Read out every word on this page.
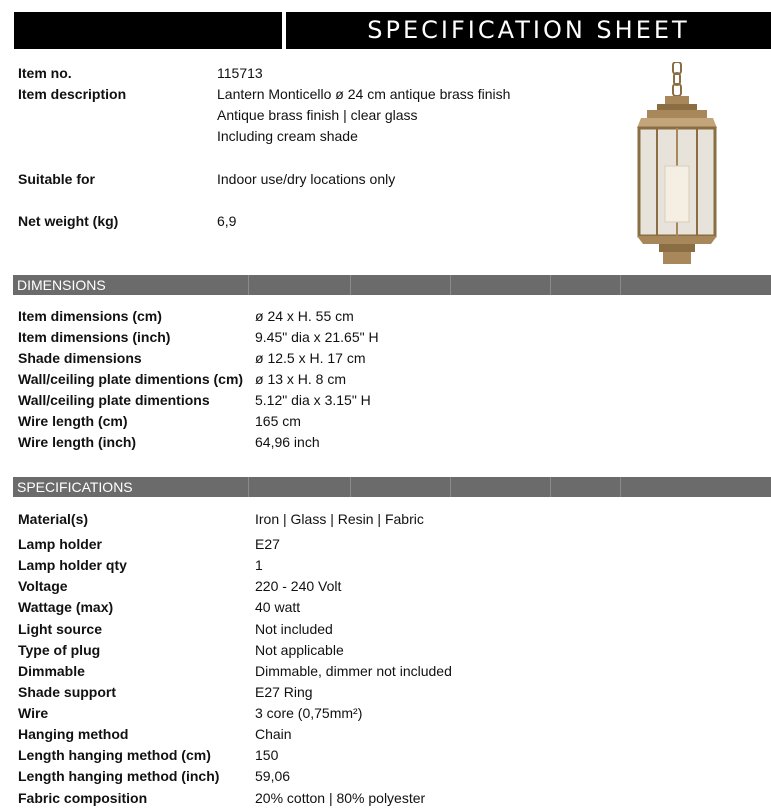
SPECIFICATION SHEET
Item no.	115713
Item description	Lantern Monticello ø 24 cm antique brass finish
Antique brass finish | clear glass
Including cream shade
Suitable for	Indoor use/dry locations only
Net weight (kg)	6,9
DIMENSIONS
Item dimensions (cm)	ø 24 x H. 55 cm
Item dimensions (inch)	9.45" dia x 21.65" H
Shade dimensions	ø 12.5 x H. 17 cm
Wall/ceiling plate dimentions (cm) ø 13 x H. 8 cm
Wall/ceiling plate dimentions	5.12" dia x 3.15" H
Wire length (cm)	165 cm
Wire length (inch)	64,96 inch
SPECIFICATIONS
Material(s)	Iron | Glass | Resin | Fabric
Lamp holder	E27
Lamp holder qty	1
Voltage	220 - 240 Volt
Wattage (max)	40 watt
Light source	Not included
Type of plug	Not applicable
Dimmable	Dimmable, dimmer not included
Shade support	E27 Ring
Wire	3 core (0,75mm²)
Hanging method	Chain
Length hanging method (cm)	150
Length hanging method (inch)	59,06
Fabric composition	20% cotton | 80% polyester
